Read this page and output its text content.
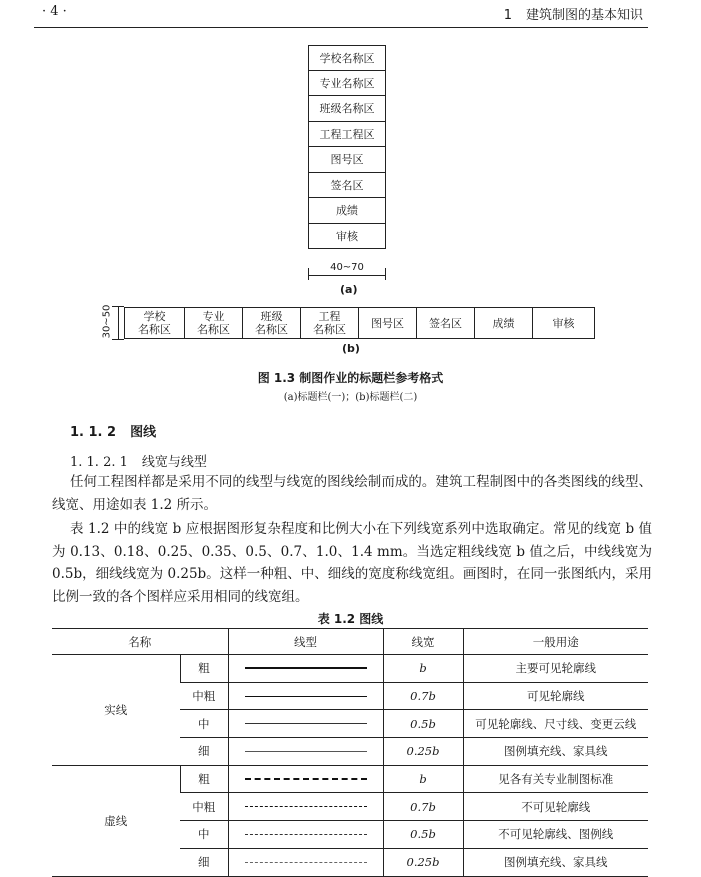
· 4 ·	1 建筑制图的基本知识
学校名称区
专业名称区
班级名称区
工程工程区
图号区
签名区
成绩
审核
40~70
(a)
30~50	学校
名称区
专业
名称区
班级
名称区
工程
名称区	图号区	签名区	成绩	审核
(b)
图 1.3 制图作业的标题栏参考格式
(a)标题栏(一)；(b)标题栏(二)
1. 1. 2 图线
1. 1. 2. 1 线宽与线型
任何工程图样都是采用不同的线型与线宽的图线绘制而成的。建筑工程制图中的各类图线的线型、线宽、用途如表 1.2 所示。
表 1.2 中的线宽 b 应根据图形复杂程度和比例大小在下列线宽系列中选取确定。常见的线宽 b 值为 0.13、0.18、0.25、0.35、0.5、0.7、1.0、1.4 mm。当选定粗线线宽 b 值之后，中线线宽为 0.5b，细线线宽为 0.25b。这样一种粗、中、细线的宽度称线宽组。画图时，在同一张图纸内，采用比例一致的各个图样应采用相同的线宽组。
表 1.2 图线
名称		线型	线宽	一般用途
实线	粗		b	主要可见轮廓线
	中粗		0.7b	可见轮廓线
	中		0.5b	可见轮廓线、尺寸线、变更云线
	细		0.25b	图例填充线、家具线
虚线	粗		b	见各有关专业制图标准
	中粗		0.7b	不可见轮廓线
	中		0.5b	不可见轮廓线、图例线
	细		0.25b	图例填充线、家具线
